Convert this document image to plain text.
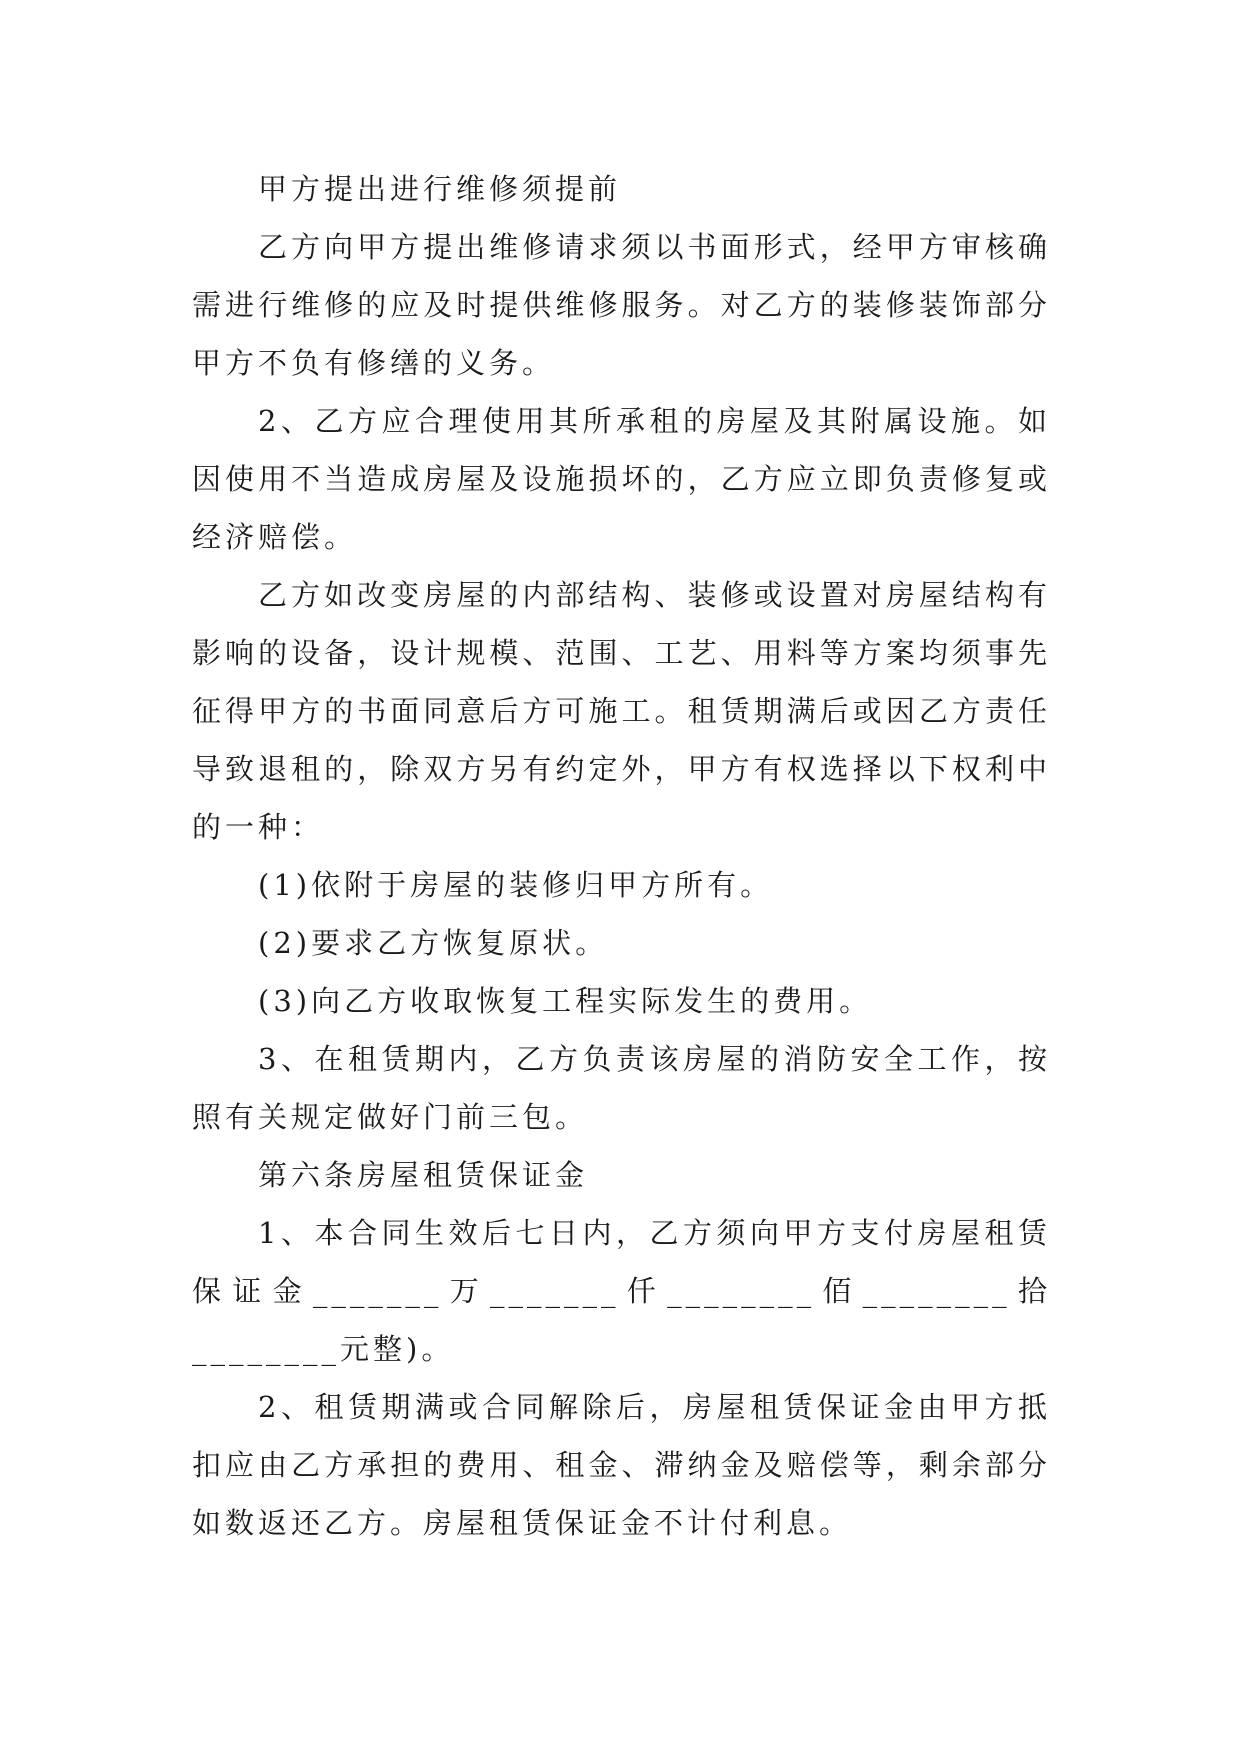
甲方提出进行维修须提前

乙方向甲方提出维修请求须以书面形式，经甲方审核确需进行维修的应及时提供维修服务。对乙方的装修装饰部分甲方不负有修缮的义务。

2、乙方应合理使用其所承租的房屋及其附属设施。如因使用不当造成房屋及设施损坏的，乙方应立即负责修复或经济赔偿。

乙方如改变房屋的内部结构、装修或设置对房屋结构有影响的设备，设计规模、范围、工艺、用料等方案均须事先征得甲方的书面同意后方可施工。租赁期满后或因乙方责任导致退租的，除双方另有约定外，甲方有权选择以下权利中的一种：

(1)依附于房屋的装修归甲方所有。

(2)要求乙方恢复原状。

(3)向乙方收取恢复工程实际发生的费用。

3、在租赁期内，乙方负责该房屋的消防安全工作，按照有关规定做好门前三包。

第六条房屋租赁保证金

1、本合同生效后七日内，乙方须向甲方支付房屋租赁保证金_______万_______仟________佰________拾________元整)。

2、租赁期满或合同解除后，房屋租赁保证金由甲方抵扣应由乙方承担的费用、租金、滞纳金及赔偿等，剩余部分如数返还乙方。房屋租赁保证金不计付利息。
